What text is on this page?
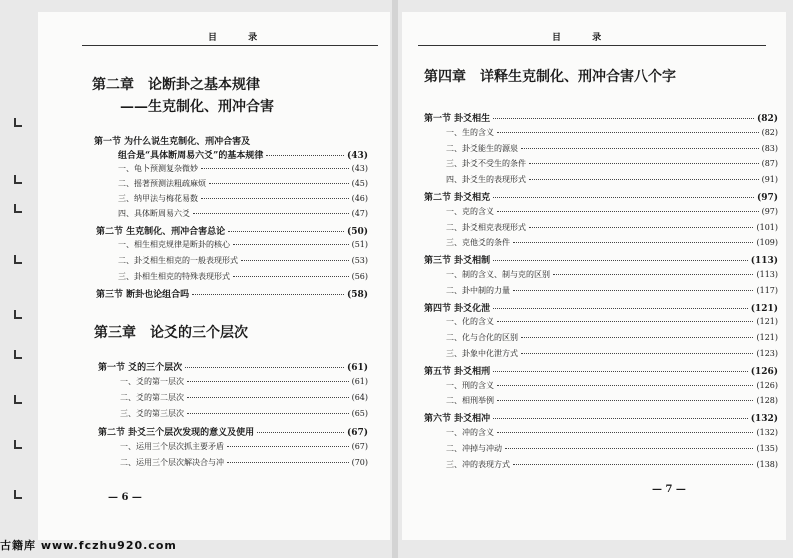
目 录
第二章 论断卦之基本规律
——生克制化、刑冲合害
第一节 为什么说生克制化、刑冲合害及
组合是“具体断周易六爻”的基本规律	(43)
一、龟卜预测复杂微妙	(43)
二、摇著预测法粗疏麻烦	(45)
三、纳甲法与梅花易数	(46)
四、具体断周易六爻	(47)
第二节 生克制化、刑冲合害总论	(50)
一、相生相克规律是断卦的核心	(51)
二、卦爻相生相克的一般表现形式	(53)
三、卦相生相克的特殊表现形式	(56)
第三节 断卦也论组合吗	(58)
第三章 论爻的三个层次
第一节 爻的三个层次	(61)
一、爻的第一层次	(61)
二、爻的第二层次	(64)
三、爻的第三层次	(65)
第二节 卦爻三个层次发现的意义及使用	(67)
一、运用三个层次抓主要矛盾	(67)
二、运用三个层次解决合与冲	(70)
— 6 —
目 录
第四章 详释生克制化、刑冲合害八个字
第一节 卦爻相生	(82)
一、生的含义	(82)
二、卦爻能生的源泉	(83)
三、卦爻不受生的条件	(87)
四、卦爻生的表现形式	(91)
第二节 卦爻相克	(97)
一、克的含义	(97)
二、卦爻相克表现形式	(101)
三、克他爻的条件	(109)
第三节 卦爻相制	(113)
一、制的含义、制与克的区别	(113)
二、卦中制的力量	(117)
第四节 卦爻化泄	(121)
一、化的含义	(121)
二、化与合化的区别	(121)
三、卦象中化泄方式	(123)
第五节 卦爻相刑	(126)
一、刑的含义	(126)
二、相刑举例	(128)
第六节 卦爻相冲	(132)
一、冲的含义	(132)
二、冲掉与冲动	(135)
三、冲的表现方式	(138)
— 7 —
古籍库 www.fczhu920.com
